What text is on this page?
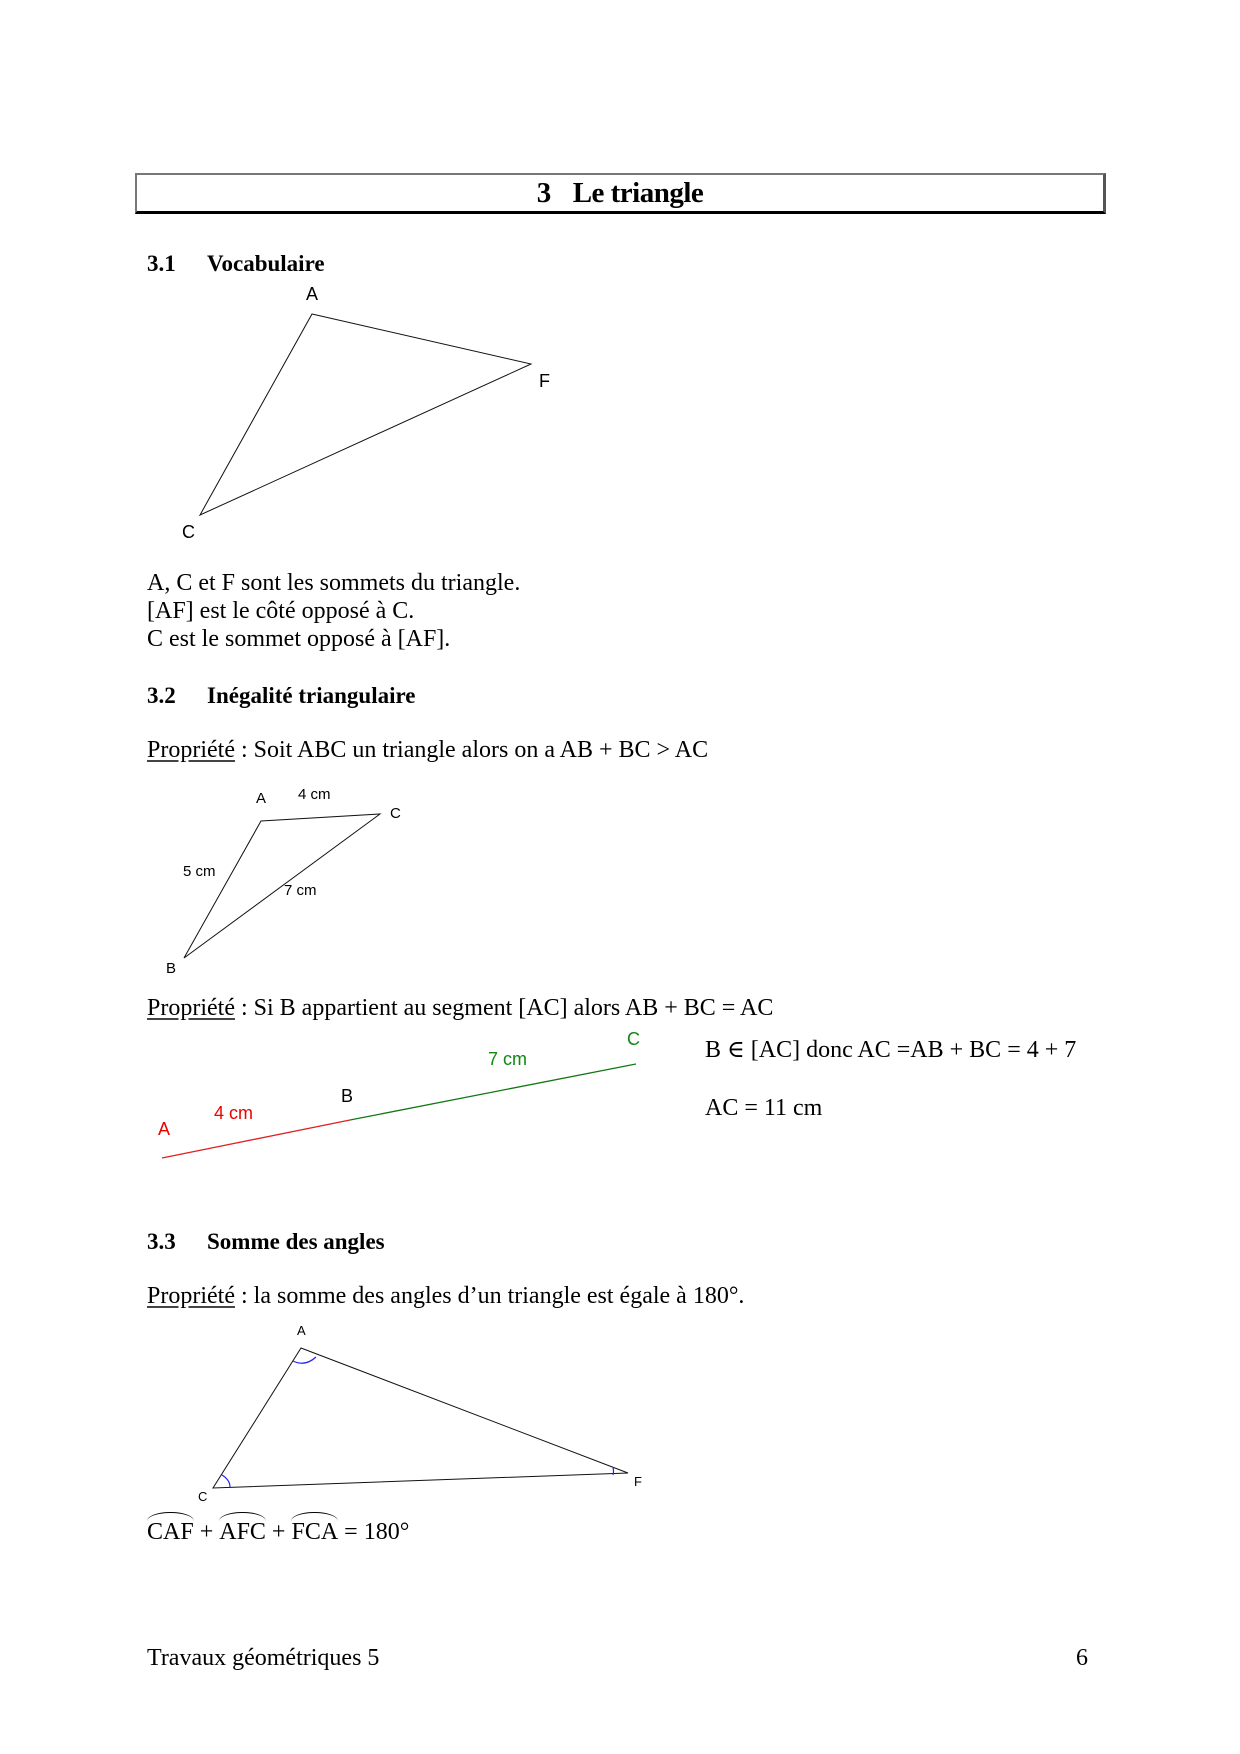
3 Le triangle
3.1 Vocabulaire
A
F
C
A, C et F sont les sommets du triangle.
[AF] est le côté opposé à C.
C est le sommet opposé à [AF].
3.2 Inégalité triangulaire
Propriété : Soit ABC un triangle alors on a AB + BC > AC
A 4 cm
C
5 cm
7 cm
B
Propriété : Si B appartient au segment [AC] alors AB + BC = AC
A
4 cm
B
7 cm
C	B ∈ [AC] donc AC =AB + BC = 4 + 7
AC = 11 cm
3.3 Somme des angles
Propriété : la somme des angles d’un triangle est égale à 180°.
A
C
F
CAF + AFC + FCA = 180°
Travaux géométriques 5	6
